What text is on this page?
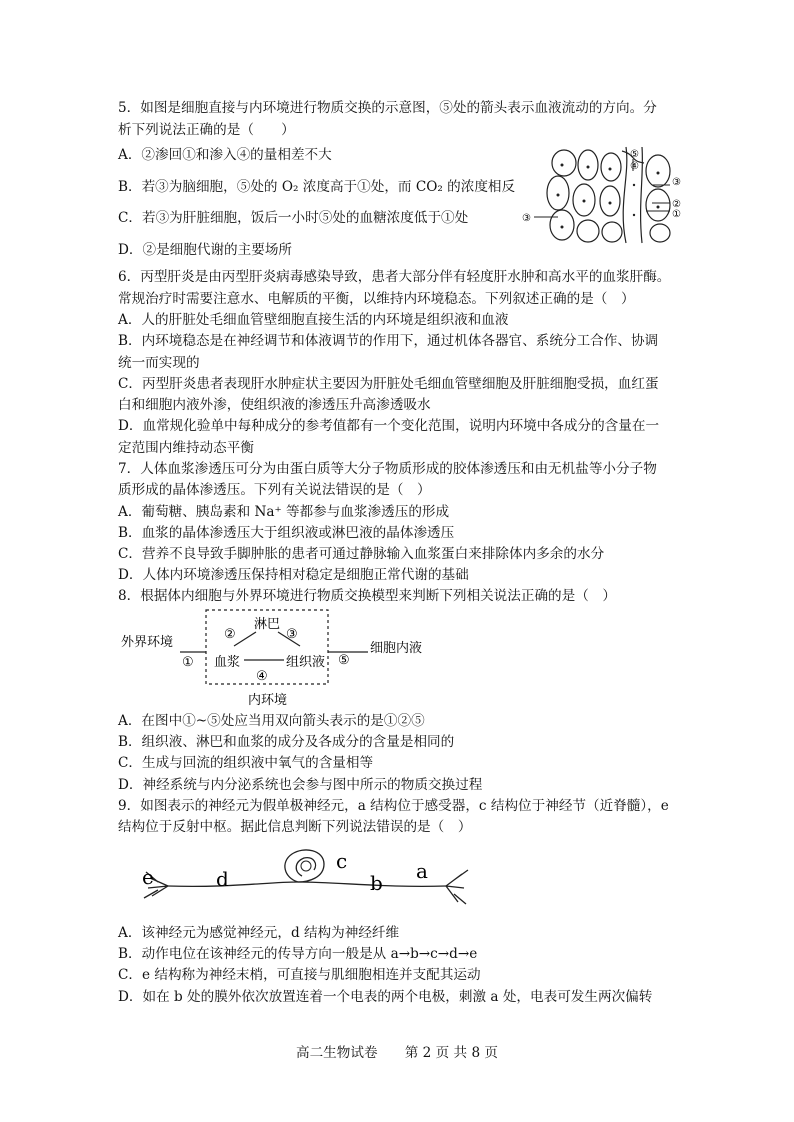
5．如图是细胞直接与内环境进行物质交换的示意图，⑤处的箭头表示血液流动的方向。分
析下列说法正确的是（　　）
A．②渗回①和渗入④的量相差不大
B．若③为脑细胞，⑤处的 O₂ 浓度高于①处，而 CO₂ 的浓度相反
C．若③为肝脏细胞，饭后一小时⑤处的血糖浓度低于①处
D．②是细胞代谢的主要场所
⑤
④
③
②
①
③
6．丙型肝炎是由丙型肝炎病毒感染导致，患者大部分伴有轻度肝水肿和高水平的血浆肝酶。
常规治疗时需要注意水、电解质的平衡，以维持内环境稳态。下列叙述正确的是（　）
A．人的肝脏处毛细血管壁细胞直接生活的内环境是组织液和血液
B．内环境稳态是在神经调节和体液调节的作用下，通过机体各器官、系统分工合作、协调
统一而实现的
C．丙型肝炎患者表现肝水肿症状主要因为肝脏处毛细血管壁细胞及肝脏细胞受损，血红蛋
白和细胞内液外渗，使组织液的渗透压升高渗透吸水
D．血常规化验单中每种成分的参考值都有一个变化范围，说明内环境中各成分的含量在一
定范围内维持动态平衡
7．人体血浆渗透压可分为由蛋白质等大分子物质形成的胶体渗透压和由无机盐等小分子物
质形成的晶体渗透压。下列有关说法错误的是（　）
A．葡萄糖、胰岛素和 Na⁺ 等都参与血浆渗透压的形成
B．血浆的晶体渗透压大于组织液或淋巴液的晶体渗透压
C．营养不良导致手脚肿胀的患者可通过静脉输入血浆蛋白来排除体内多余的水分
D．人体内环境渗透压保持相对稳定是细胞正常代谢的基础
8．根据体内细胞与外界环境进行物质交换模型来判断下列相关说法正确的是（　）
外界环境
①
②
淋巴
③
血浆	组织液
④
⑤
细胞内液
内环境
A．在图中①~⑤处应当用双向箭头表示的是①②⑤
B．组织液、淋巴和血浆的成分及各成分的含量是相同的
C．生成与回流的组织液中氧气的含量相等
D．神经系统与内分泌系统也会参与图中所示的物质交换过程
9．如图表示的神经元为假单极神经元，a 结构位于感受器，c 结构位于神经节（近脊髓），e
结构位于反射中枢。据此信息判断下列说法错误的是（　）
e	d
c
b a
A．该神经元为感觉神经元，d 结构为神经纤维
B．动作电位在该神经元的传导方向一般是从 a→b→c→d→e
C．e 结构称为神经末梢，可直接与肌细胞相连并支配其运动
D．如在 b 处的膜外依次放置连着一个电表的两个电极，刺激 a 处，电表可发生两次偏转
高二生物试卷　　第 2 页 共 8 页
